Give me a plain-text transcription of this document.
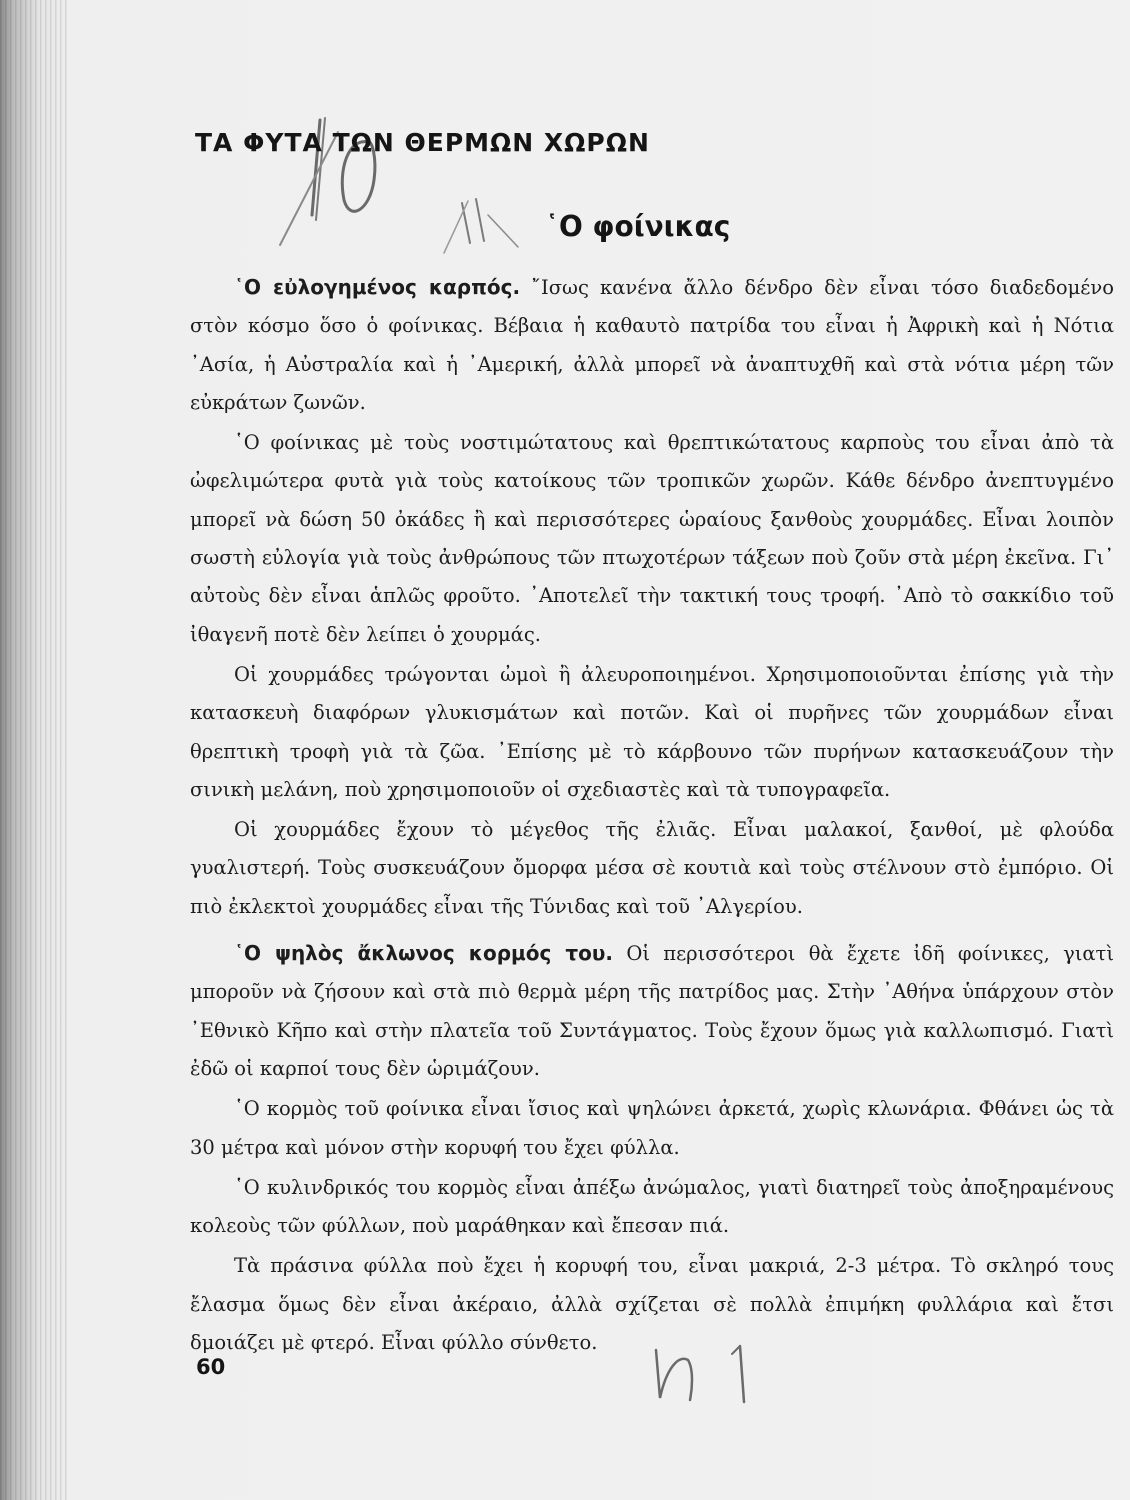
ΤΑ ΦΥΤΑ ΤΩΝ ΘΕΡΜΩΝ ΧΩΡΩΝ
῾Ο φοίνικας

῾Ο εὐλογημένος καρπός. ῎Ισως κανένα ἄλλο δένδρο δὲν εἶναι τόσο διαδεδομένο στὸν κόσμο ὅσο ὁ φοίνικας. Βέβαια ἡ καθαυτὸ πατρίδα του εἶναι ἡ Ἀφρικὴ καὶ ἡ Νότια ᾿Ασία, ἡ Αὐστραλία καὶ ἡ ᾿Αμερική, ἀλλὰ μπορεῖ νὰ ἀναπτυχθῆ καὶ στὰ νότια μέρη τῶν εὐκράτων ζωνῶν.

῾Ο φοίνικας μὲ τοὺς νοστιμώτατους καὶ θρεπτικώτατους καρποὺς του εἶναι ἀπὸ τὰ ὠφελιμώτερα φυτὰ γιὰ τοὺς κατοίκους τῶν τροπικῶν χωρῶν. Κάθε δένδρο ἀνεπτυγμένο μπορεῖ νὰ δώση 50 ὀκάδες ἢ καὶ περισσότερες ὡραίους ξανθοὺς χουρμάδες. Εἶναι λοιπὸν σωστὴ εὐλογία γιὰ τοὺς ἀνθρώπους τῶν πτωχοτέρων τάξεων ποὺ ζοῦν στὰ μέρη ἐκεῖνα. Γι᾿ αὐτοὺς δὲν εἶναι ἁπλῶς φροῦτο. ᾿Αποτελεῖ τὴν τακτική τους τροφή. ᾿Απὸ τὸ σακκίδιο τοῦ ἰθαγενῆ ποτὲ δὲν λείπει ὁ χουρμάς.

Οἱ χουρμάδες τρώγονται ὠμοὶ ἢ ἀλευροποιημένοι. Χρησιμοποιοῦνται ἐπίσης γιὰ τὴν κατασκευὴ διαφόρων γλυκισμάτων καὶ ποτῶν. Καὶ οἱ πυρῆνες τῶν χουρμάδων εἶναι θρεπτικὴ τροφὴ γιὰ τὰ ζῶα. ᾿Επίσης μὲ τὸ κάρβουνο τῶν πυρήνων κατασκευάζουν τὴν σινικὴ μελάνη, ποὺ χρησιμοποιοῦν οἱ σχεδιαστὲς καὶ τὰ τυπογραφεῖα.

Οἱ χουρμάδες ἔχουν τὸ μέγεθος τῆς ἐλιᾶς. Εἶναι μαλακοί, ξανθοί, μὲ φλούδα γυαλιστερή. Τοὺς συσκευάζουν ὄμορφα μέσα σὲ κουτιὰ καὶ τοὺς στέλνουν στὸ ἐμπόριο. Οἱ πιὸ ἐκλεκτοὶ χουρμάδες εἶναι τῆς Τύνιδας καὶ τοῦ ᾿Αλγερίου.

῾Ο ψηλὸς ἄκλωνος κορμός του. Οἱ περισσότεροι θὰ ἔχετε ἰδῆ φοίνικες, γιατὶ μποροῦν νὰ ζήσουν καὶ στὰ πιὸ θερμὰ μέρη τῆς πατρίδος μας. Στὴν ᾿Αθήνα ὑπάρχουν στὸν ᾿Εθνικὸ Κῆπο καὶ στὴν πλατεῖα τοῦ Συντάγματος. Τοὺς ἔχουν ὅμως γιὰ καλλωπισμό. Γιατὶ ἐδῶ οἱ καρποί τους δὲν ὡριμάζουν.

῾Ο κορμὸς τοῦ φοίνικα εἶναι ἴσιος καὶ ψηλώνει ἀρκετά, χωρὶς κλωνάρια. Φθάνει ὡς τὰ 30 μέτρα καὶ μόνον στὴν κορυφή του ἔχει φύλλα.

῾Ο κυλινδρικός του κορμὸς εἶναι ἀπέξω ἀνώμαλος, γιατὶ διατηρεῖ τοὺς ἀποξηραμένους κολεοὺς τῶν φύλλων, ποὺ μαράθηκαν καὶ ἔπεσαν πιά.

Τὰ πράσινα φύλλα ποὺ ἔχει ἡ κορυφή του, εἶναι μακριά, 2-3 μέτρα. Τὸ σκληρό τους ἔλασμα ὅμως δὲν εἶναι ἀκέραιο, ἀλλὰ σχίζεται σὲ πολλὰ ἐπιμήκη φυλλάρια καὶ ἔτσι δμοιάζει μὲ φτερό. Εἶναι φύλλο σύνθετο.

60
